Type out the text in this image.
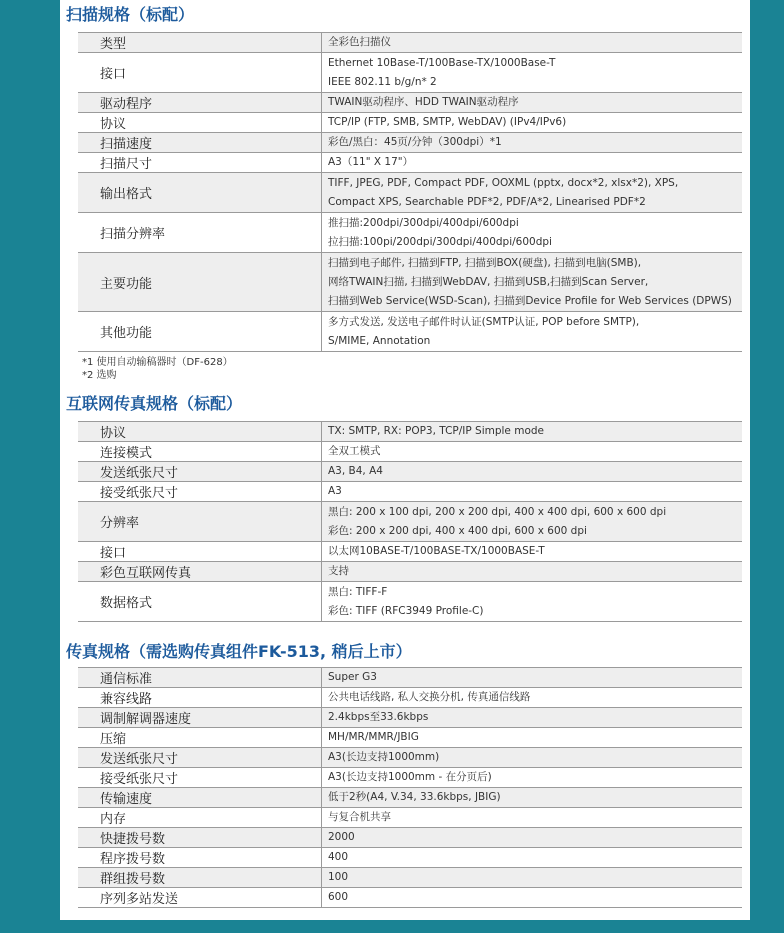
扫描规格（标配）
类型	全彩色扫描仪

接口	Ethernet 10Base-T/100Base-TX/1000Base-T
IEEE 802.11 b/g/n* 2

驱动程序	TWAIN驱动程序、HDD TWAIN驱动程序

协议	TCP/IP (FTP, SMB, SMTP, WebDAV) (IPv4/IPv6)

扫描速度	彩色/黑白：45页/分钟（300dpi）*1

扫描尺寸	A3（11" X 17"）

输出格式	TIFF, JPEG, PDF, Compact PDF, OOXML (pptx, docx*2, xlsx*2), XPS,
Compact XPS, Searchable PDF*2, PDF/A*2, Linearised PDF*2

扫描分辨率	推扫描:200dpi/300dpi/400dpi/600dpi
拉扫描:100pi/200dpi/300dpi/400dpi/600dpi

主要功能	扫描到电子邮件, 扫描到FTP, 扫描到BOX(硬盘), 扫描到电脑(SMB),
网络TWAIN扫描, 扫描到WebDAV, 扫描到USB,扫描到Scan Server,
扫描到Web Service(WSD-Scan), 扫描到Device Profile for Web Services (DPWS)

其他功能	多方式发送, 发送电子邮件时认证(SMTP认证, POP before SMTP),
S/MIME, Annotation
*1 使用自动输稿器时（DF-628）
*2 选购
互联网传真规格（标配）
协议	TX: SMTP, RX: POP3, TCP/IP Simple mode

连接模式	全双工模式

发送纸张尺寸	A3, B4, A4

接受纸张尺寸	A3

分辨率	黑白: 200 x 100 dpi, 200 x 200 dpi, 400 x 400 dpi, 600 x 600 dpi
彩色: 200 x 200 dpi, 400 x 400 dpi, 600 x 600 dpi

接口	以太网10BASE-T/100BASE-TX/1000BASE-T

彩色互联网传真	支持

数据格式	黑白: TIFF-F
彩色: TIFF (RFC3949 Profile-C)
传真规格（需选购传真组件FK-513, 稍后上市）
通信标准	Super G3

兼容线路	公共电话线路, 私人交换分机, 传真通信线路

调制解调器速度	2.4kbps至33.6kbps

压缩	MH/MR/MMR/JBIG

发送纸张尺寸	A3(长边支持1000mm)

接受纸张尺寸	A3(长边支持1000mm - 在分页后)

传输速度	低于2秒(A4, V.34, 33.6kbps, JBIG)

内存	与复合机共享

快捷拨号数	2000

程序拨号数	400

群组拨号数	100

序列多站发送	600
